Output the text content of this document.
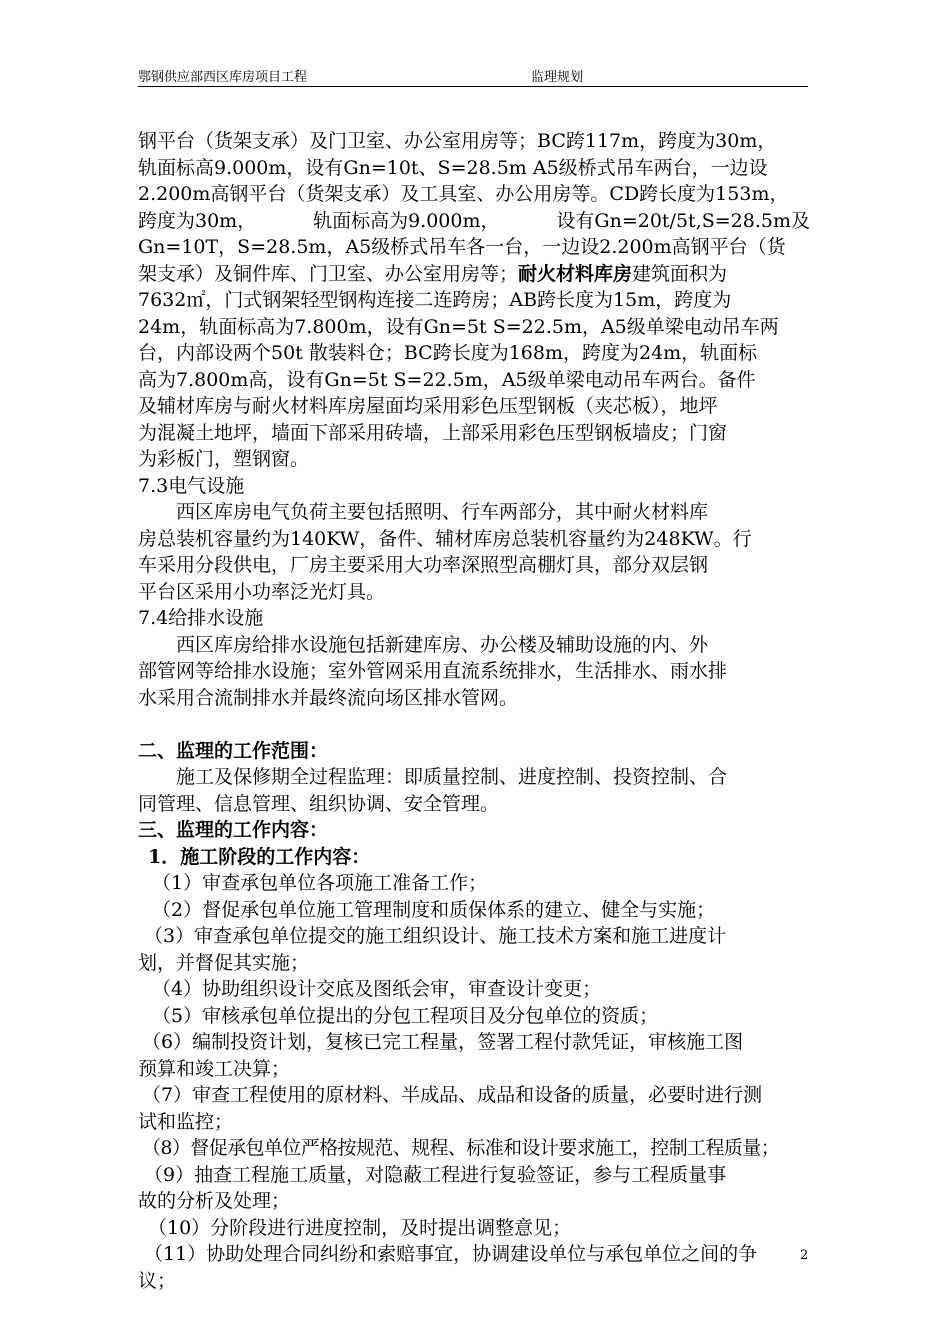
鄂钢供应部西区库房项目工程	监理规划
钢平台（货架支承）及门卫室、办公室用房等；BC跨117m，跨度为30m，
轨面标高9.000m，设有Gn=10t、S=28.5m A5级桥式吊车两台，一边设
2.200m高钢平台（货架支承）及工具室、办公用房等。CD跨长度为153m，
跨度为30m，	轨面标高为9.000m，	设有Gn=20t/5t,S=28.5m及
Gn=10T，S=28.5m，A5级桥式吊车各一台，一边设2.200m高钢平台（货
架支承）及铜件库、门卫室、办公室用房等；耐火材料库房建筑面积为
7632㎡，门式钢架轻型钢构连接二连跨房；AB跨长度为15m，跨度为
24m，轨面标高为7.800m，设有Gn=5t S=22.5m，A5级单梁电动吊车两
台，内部设两个50t 散装料仓；BC跨长度为168m，跨度为24m，轨面标
高为7.800m高，设有Gn=5t S=22.5m，A5级单梁电动吊车两台。备件
及辅材库房与耐火材料库房屋面均采用彩色压型钢板（夹芯板），地坪
为混凝土地坪，墙面下部采用砖墙，上部采用彩色压型钢板墙皮；门窗
为彩板门，塑钢窗。
7.3电气设施
西区库房电气负荷主要包括照明、行车两部分，其中耐火材料库
房总装机容量约为140KW，备件、辅材库房总装机容量约为248KW。行
车采用分段供电，厂房主要采用大功率深照型高棚灯具，部分双层钢
平台区采用小功率泛光灯具。
7.4给排水设施
西区库房给排水设施包括新建库房、办公楼及辅助设施的内、外
部管网等给排水设施；室外管网采用直流系统排水，生活排水、雨水排
水采用合流制排水并最终流向场区排水管网。
二、监理的工作范围：
施工及保修期全过程监理：即质量控制、进度控制、投资控制、合
同管理、信息管理、组织协调、安全管理。
三、监理的工作内容：
1．施工阶段的工作内容：
（1）审查承包单位各项施工准备工作；
（2）督促承包单位施工管理制度和质保体系的建立、健全与实施；
（3）审查承包单位提交的施工组织设计、施工技术方案和施工进度计
划，并督促其实施；
（4）协助组织设计交底及图纸会审，审查设计变更；
（5）审核承包单位提出的分包工程项目及分包单位的资质；
（6）编制投资计划，复核已完工程量，签署工程付款凭证，审核施工图
预算和竣工决算；
（7）审查工程使用的原材料、半成品、成品和设备的质量，必要时进行测
试和监控；
（8）督促承包单位严格按规范、规程、标准和设计要求施工，控制工程质量；
（9）抽查工程施工质量，对隐蔽工程进行复验签证，参与工程质量事
故的分析及处理；
（10）分阶段进行进度控制，及时提出调整意见；
（11）协助处理合同纠纷和索赔事宜，协调建设单位与承包单位之间的争
议；
2
